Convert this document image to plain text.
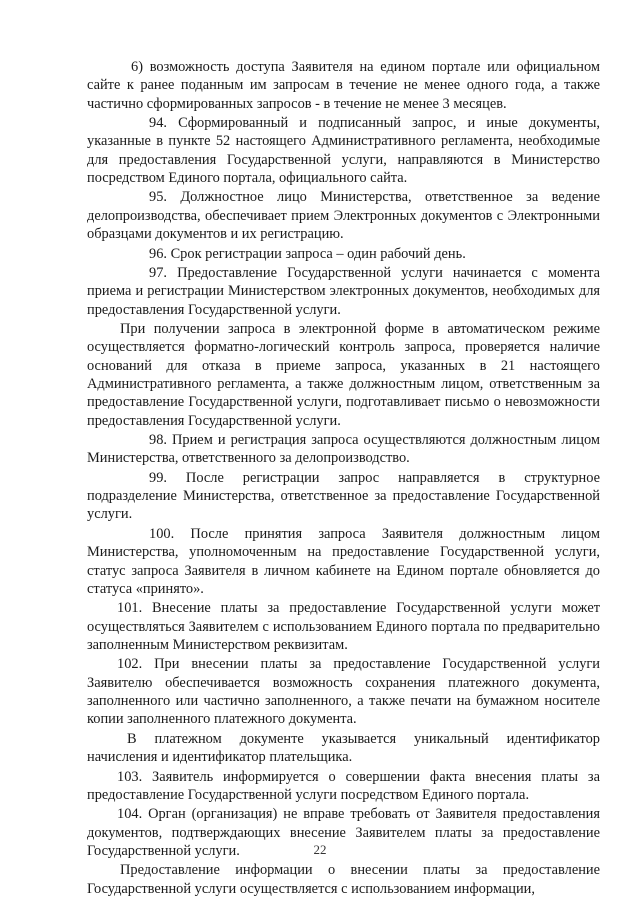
6) возможность доступа Заявителя на едином портале или официальном сайте к ранее поданным им запросам в течение не менее одного года, а также частично сформированных запросов - в течение не менее 3 месяцев.

94. Сформированный и подписанный запрос, и иные документы, указанные в пункте 52 настоящего Административного регламента, необходимые для предоставления Государственной услуги, направляются в Министерство посредством Единого портала, официального сайта.

95. Должностное лицо Министерства, ответственное за ведение делопроизводства, обеспечивает прием Электронных документов с Электронными образцами документов и их регистрацию.

96. Срок регистрации запроса – один рабочий день.

97. Предоставление Государственной услуги начинается с момента приема и регистрации Министерством электронных документов, необходимых для предоставления Государственной услуги.

При получении запроса в электронной форме в автоматическом режиме осуществляется форматно-логический контроль запроса, проверяется наличие оснований для отказа в приеме запроса, указанных в 21 настоящего Административного регламента, а также должностным лицом, ответственным за предоставление Государственной услуги, подготавливает письмо о невозможности предоставления Государственной услуги.

98. Прием и регистрация запроса осуществляются должностным лицом Министерства, ответственного за делопроизводство.

99. После регистрации запрос направляется в структурное подразделение Министерства, ответственное за предоставление Государственной услуги.

100. После принятия запроса Заявителя должностным лицом Министерства, уполномоченным на предоставление Государственной услуги, статус запроса Заявителя в личном кабинете на Едином портале обновляется до статуса «принято».

101. Внесение платы за предоставление Государственной услуги может осуществляться Заявителем с использованием Единого портала по предварительно заполненным Министерством реквизитам.

102. При внесении платы за предоставление Государственной услуги Заявителю обеспечивается возможность сохранения платежного документа, заполненного или частично заполненного, а также печати на бумажном носителе копии заполненного платежного документа.

В платежном документе указывается уникальный идентификатор начисления и идентификатор плательщика.

103. Заявитель информируется о совершении факта внесения платы за предоставление Государственной услуги посредством Единого портала.

104. Орган (организация) не вправе требовать от Заявителя предоставления документов, подтверждающих внесение Заявителем платы за предоставление Государственной услуги.

Предоставление информации о внесении платы за предоставление Государственной услуги осуществляется с использованием информации,

22
